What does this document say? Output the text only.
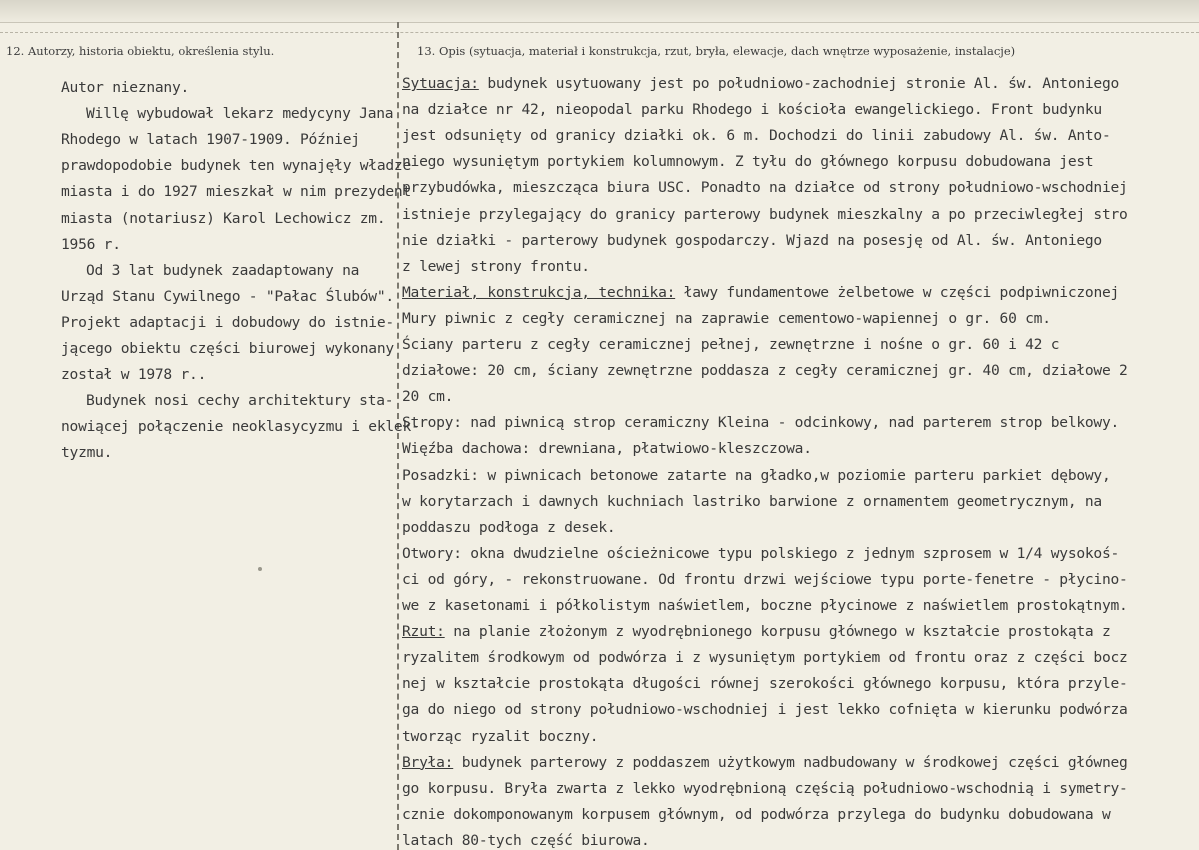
12. Autorzy, historia obiektu, określenia stylu.	13. Opis (sytuacja, materiał i konstrukcja, rzut, bryła, elewacje, dach wnętrze wyposażenie, instalacje)
Autor nieznany.
Willę wybudował lekarz medycyny Jana
Rhodego w latach 1907-1909. Później
prawdopodobie budynek ten wynajęły władze
miasta i do 1927 mieszkał w nim prezydent
miasta (notariusz) Karol Lechowicz zm.
1956 r.
Od 3 lat budynek zaadaptowany na
Urząd Stanu Cywilnego - "Pałac Ślubów".
Projekt adaptacji i dobudowy do istnie-
jącego obiektu części biurowej wykonany
został w 1978 r..
Budynek nosi cechy architektury sta-
nowiącej połączenie neoklasycyzmu i eklek-
tyzmu.
Sytuacja: budynek usytuowany jest po południowo-zachodniej stronie Al. św. Antoniego
na działce nr 42, nieopodal parku Rhodego i kościoła ewangelickiego. Front budynku
jest odsunięty od granicy działki ok. 6 m. Dochodzi do linii zabudowy Al. św. Anto-
niego wysuniętym portykiem kolumnowym. Z tyłu do głównego korpusu dobudowana jest
przybudówka, mieszcząca biura USC. Ponadto na działce od strony południowo-wschodniej
istnieje przylegający do granicy parterowy budynek mieszkalny a po przeciwległej stro
nie działki - parterowy budynek gospodarczy. Wjazd na posesję od Al. św. Antoniego
z lewej strony frontu.
Materiał, konstrukcja, technika: ławy fundamentowe żelbetowe w części podpiwniczonej
Mury piwnic z cegły ceramicznej na zaprawie cementowo-wapiennej o gr. 60 cm.
Ściany parteru z cegły ceramicznej pełnej, zewnętrzne i nośne o gr. 60 i 42 c
działowe: 20 cm, ściany zewnętrzne poddasza z cegły ceramicznej gr. 40 cm, działowe 2
20 cm.
Stropy: nad piwnicą strop ceramiczny Kleina - odcinkowy, nad parterem strop belkowy.
Więźba dachowa: drewniana, płatwiowo-kleszczowa.
Posadzki: w piwnicach betonowe zatarte na gładko,w poziomie parteru parkiet dębowy,
w korytarzach i dawnych kuchniach lastriko barwione z ornamentem geometrycznym, na
poddaszu podłoga z desek.
Otwory: okna dwudzielne ościeżnicowe typu polskiego z jednym szprosem w 1/4 wysokoś-
ci od góry, - rekonstruowane. Od frontu drzwi wejściowe typu porte-fenetre - płycino-
we z kasetonami i półkolistym naświetlem, boczne płycinowe z naświetlem prostokątnym.
Rzut: na planie złożonym z wyodrębnionego korpusu głównego w kształcie prostokąta z
ryzalitem środkowym od podwórza i z wysuniętym portykiem od frontu oraz z części bocz
nej w kształcie prostokąta długości równej szerokości głównego korpusu, która przyle-
ga do niego od strony południowo-wschodniej i jest lekko cofnięta w kierunku podwórza
tworząc ryzalit boczny.
Bryła: budynek parterowy z poddaszem użytkowym nadbudowany w środkowej części główneg
go korpusu. Bryła zwarta z lekko wyodrębnioną częścią południowo-wschodnią i symetry-
cznie dokomponowanym korpusem głównym, od podwórza przylega do budynku dobudowana w
latach 80-tych część biurowa.
